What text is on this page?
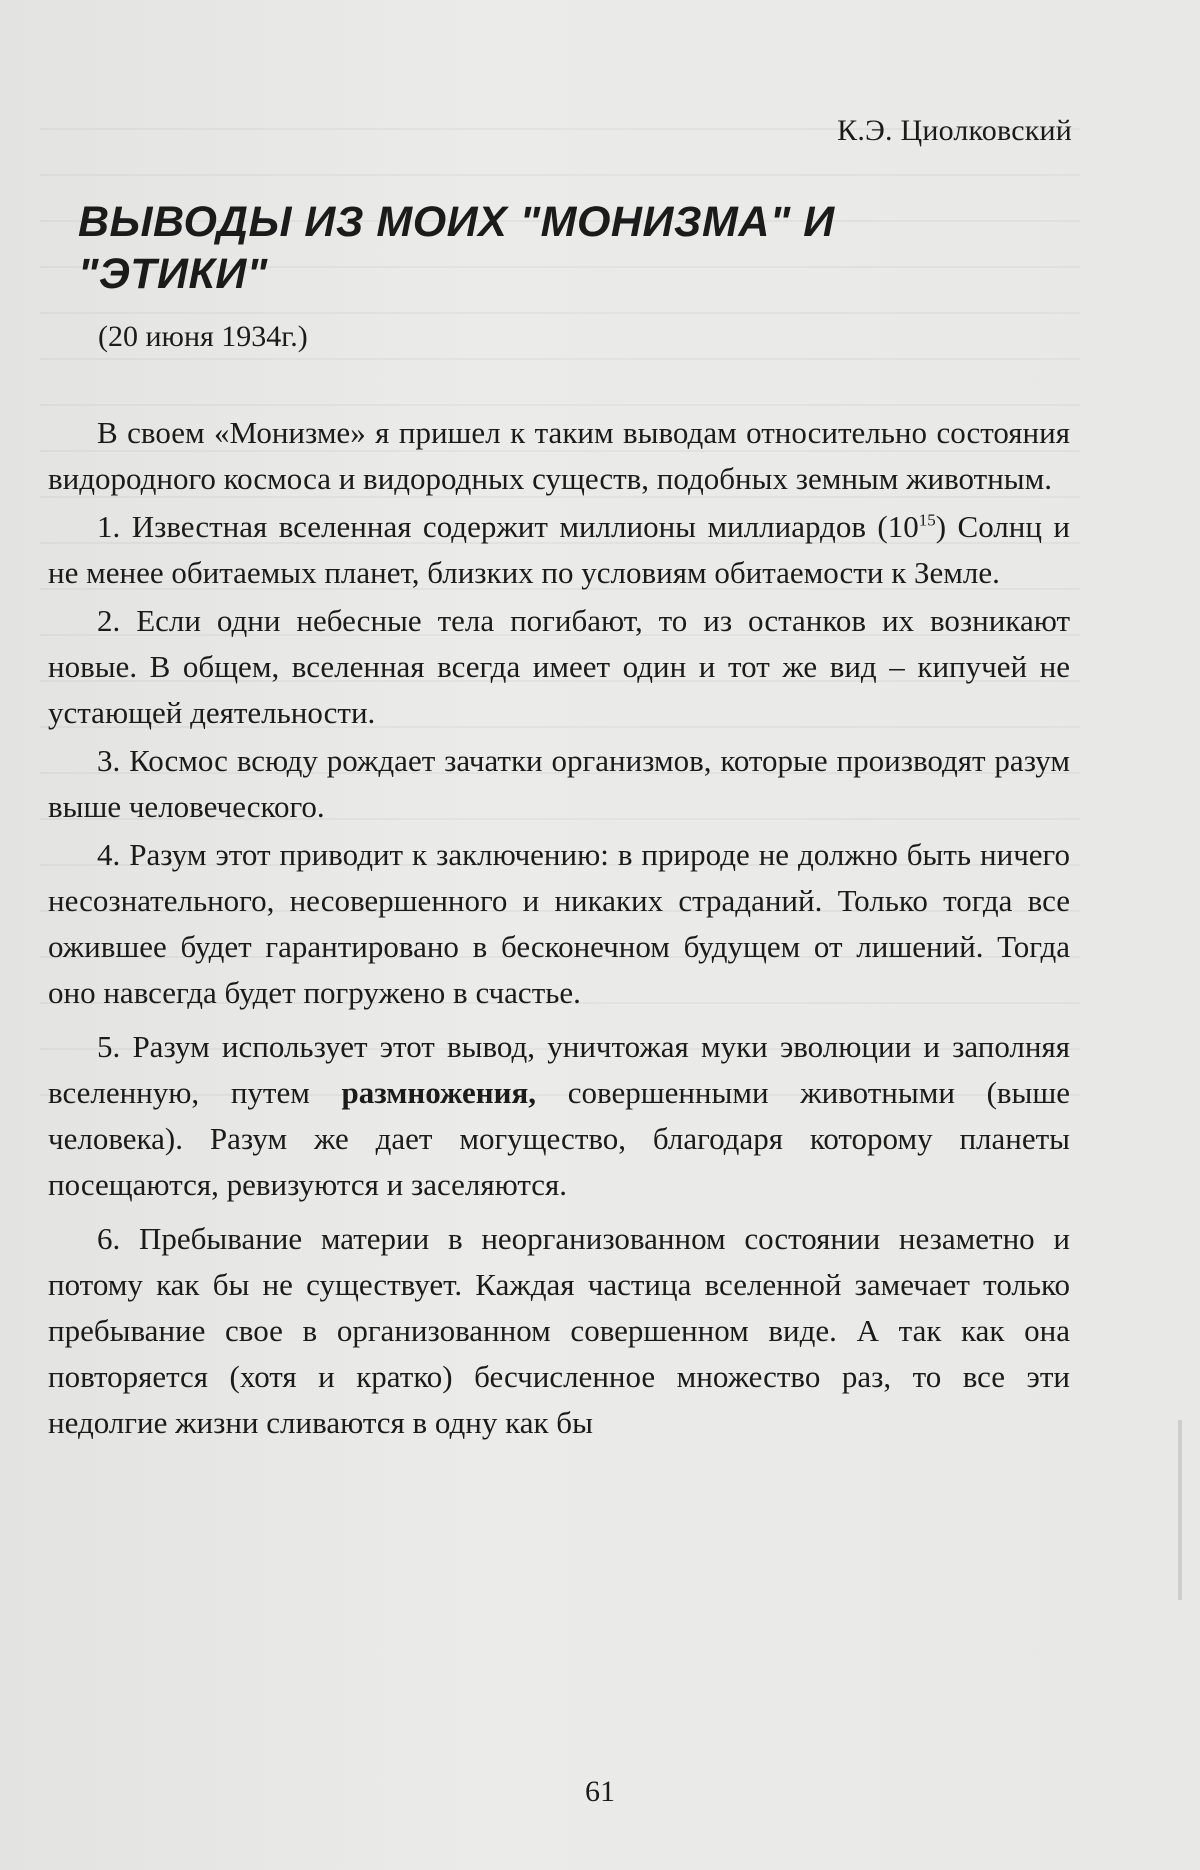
К.Э. Циолковский
ВЫВОДЫ ИЗ МОИХ "МОНИЗМА" И
"ЭТИКИ"
(20 июня 1934г.)

В своем «Монизме» я пришел к таким выводам относительно состояния видородного космоса и видородных существ, подобных земным животным.

1. Известная вселенная содержит миллионы миллиардов $(10^{15})$ Солнц и не менее обитаемых планет, близких по условиям обитаемости к Земле.

2. Если одни небесные тела погибают, то из останков их возникают новые. В общем, вселенная всегда имеет один и тот же вид – кипучей не устающей деятельности.

3. Космос всюду рождает зачатки организмов, которые производят разум выше человеческого.

4. Разум этот приводит к заключению: в природе не должно быть ничего несознательного, несовершенного и никаких страданий. Только тогда все ожившее будет гарантировано в бесконечном будущем от лишений. Тогда оно навсегда будет погружено в счастье.

5. Разум использует этот вывод, уничтожая муки эволюции и заполняя вселенную, путем размножения, совершенными животными (выше человека). Разум же дает могущество, благодаря которому планеты посещаются, ревизуются и заселяются.

6. Пребывание материи в неорганизованном состоянии незаметно и потому как бы не существует. Каждая частица вселенной замечает только пребывание свое в организованном совершенном виде. А так как она повторяется (хотя и кратко) бесчисленное множество раз, то все эти недолгие жизни сливаются в одну как бы

61
